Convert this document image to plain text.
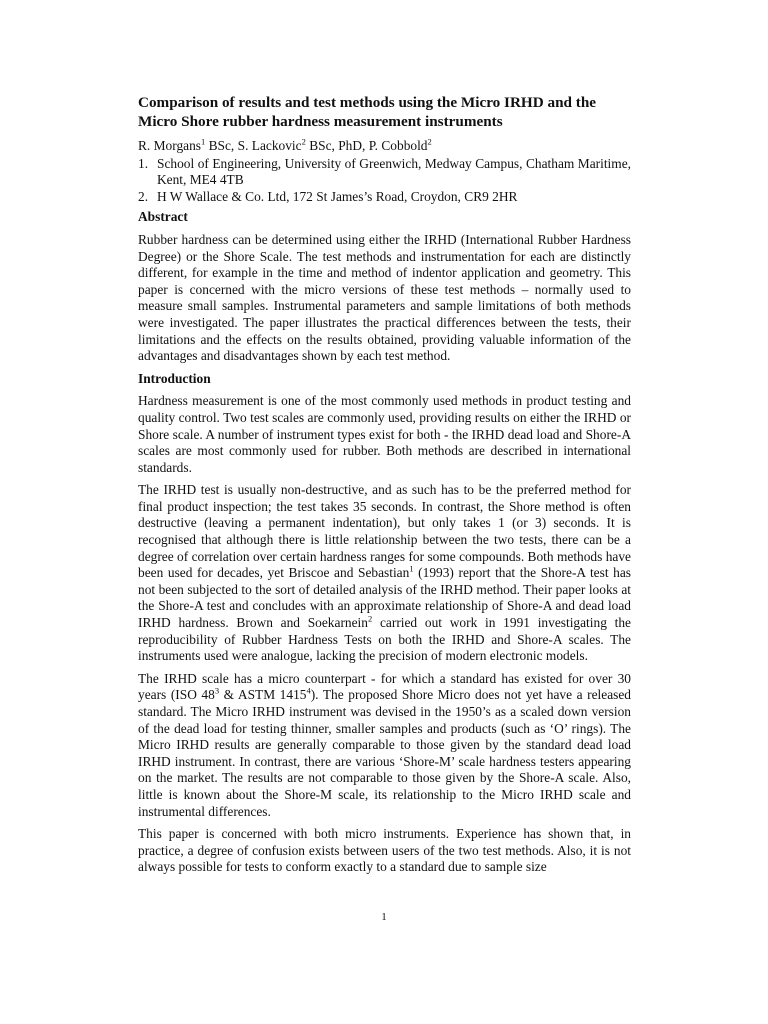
Comparison of results and test methods using the Micro IRHD and the Micro Shore rubber hardness measurement instruments
R. Morgans$^1$ BSc, S. Lackovic$^2$ BSc, PhD, P. Cobbold$^2$
1. School of Engineering, University of Greenwich, Medway Campus, Chatham Maritime, Kent, ME4 4TB
2. H W Wallace & Co. Ltd, 172 St James’s Road, Croydon, CR9 2HR
Abstract

Rubber hardness can be determined using either the IRHD (International Rubber Hardness Degree) or the Shore Scale. The test methods and instrumentation for each are distinctly different, for example in the time and method of indentor application and geometry. This paper is concerned with the micro versions of these test methods – normally used to measure small samples. Instrumental parameters and sample limitations of both methods were investigated. The paper illustrates the practical differences between the tests, their limitations and the effects on the results obtained, providing valuable information of the advantages and disadvantages shown by each test method.

Introduction

Hardness measurement is one of the most commonly used methods in product testing and quality control. Two test scales are commonly used, providing results on either the IRHD or Shore scale. A number of instrument types exist for both - the IRHD dead load and Shore-A scales are most commonly used for rubber. Both methods are described in international standards.

The IRHD test is usually non-destructive, and as such has to be the preferred method for final product inspection; the test takes 35 seconds. In contrast, the Shore method is often destructive (leaving a permanent indentation), but only takes 1 (or 3) seconds. It is recognised that although there is little relationship between the two tests, there can be a degree of correlation over certain hardness ranges for some compounds. Both methods have been used for decades, yet Briscoe and Sebastian$^1$ (1993) report that the Shore-A test has not been subjected to the sort of detailed analysis of the IRHD method. Their paper looks at the Shore-A test and concludes with an approximate relationship of Shore-A and dead load IRHD hardness. Brown and Soekarnein$^2$ carried out work in 1991 investigating the reproducibility of Rubber Hardness Tests on both the IRHD and Shore-A scales. The instruments used were analogue, lacking the precision of modern electronic models.

The IRHD scale has a micro counterpart - for which a standard has existed for over 30 years (ISO $48^3$ & ASTM 1415$^4$). The proposed Shore Micro does not yet have a released standard. The Micro IRHD instrument was devised in the 1950’s as a scaled down version of the dead load for testing thinner, smaller samples and products (such as ‘O’ rings). The Micro IRHD results are generally comparable to those given by the standard dead load IRHD instrument. In contrast, there are various ‘Shore-M’ scale hardness testers appearing on the market. The results are not comparable to those given by the Shore-A scale. Also, little is known about the Shore-M scale, its relationship to the Micro IRHD scale and instrumental differences.

This paper is concerned with both micro instruments. Experience has shown that, in practice, a degree of confusion exists between users of the two test methods. Also, it is not always possible for tests to conform exactly to a standard due to sample size

1
